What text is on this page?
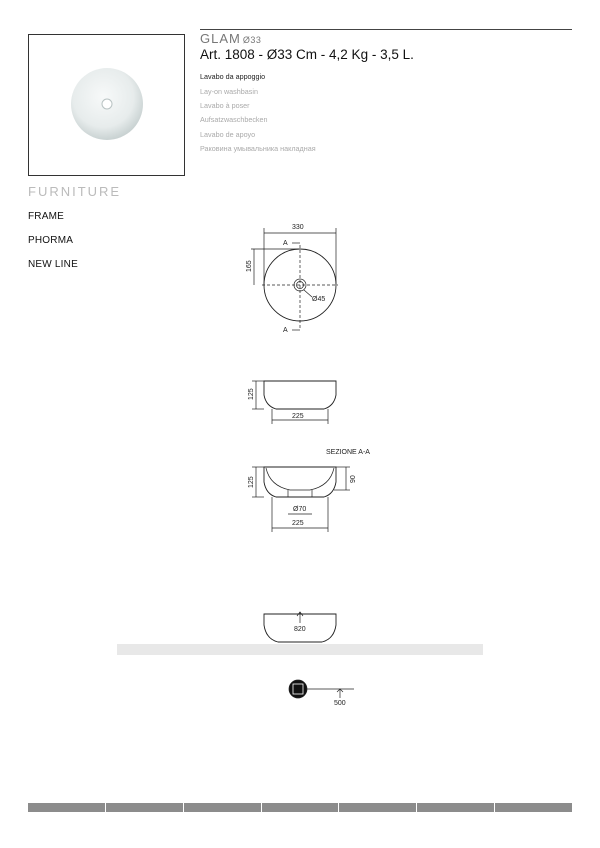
GLAM Ø33
Art. 1808 - Ø33 Cm - 4,2 Kg - 3,5 L.
Lavabo da appoggio
Lay-on washbasin
Lavabo à poser
Aufsatzwaschbecken
Lavabo de apoyo
Раковина умывальника накладная
FURNITURE
FRAME
PHORMA
NEW LINE
330
165
Ø45
A
A
125
225
SEZIONE A-A
125	90
Ø70
225
820
500
